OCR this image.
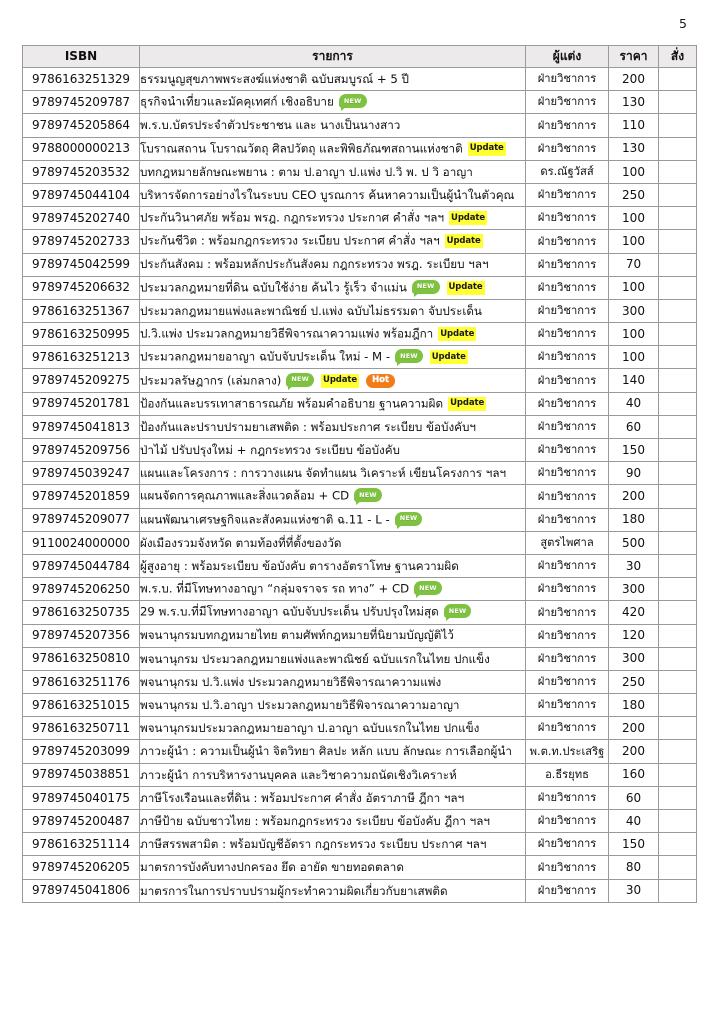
5
ISBN	รายการ	ผู้แต่ง	ราคา	สั่ง
9786163251329	ธรรมนูญสุขภาพพระสงฆ์แห่งชาติ ฉบับสมบูรณ์ + 5 ปี	ฝ่ายวิชาการ	200	
9789745209787	ธุรกิจนำเที่ยวและมัคคุเทศก์ เชิงอธิบาย NEW	ฝ่ายวิชาการ	130	
9789745205864	พ.ร.บ.บัตรประจำตัวประชาชน และ นางเป็นนางสาว	ฝ่ายวิชาการ	110	
9788000000213	โบราณสถาน โบราณวัตถุ ศิลปวัตถุ และพิพิธภัณฑสถานแห่งชาติ Update	ฝ่ายวิชาการ	130	
9789745203532	บทกฎหมายลักษณะพยาน : ตาม ป.อาญา ป.แพ่ง ป.วิ พ. ป วิ อาญา	ดร.ณัฐวัสส์	100	
9789745044104	บริหารจัดการอย่างไรในระบบ CEO บูรณการ ค้นหาความเป็นผู้นำในตัวคุณ	ฝ่ายวิชาการ	250	
9789745202740	ประกันวินาศภัย พร้อม พรฎ. กฎกระทรวง ประกาศ คำสั่ง ฯลฯ Update	ฝ่ายวิชาการ	100	
9789745202733	ประกันชีวิต : พร้อมกฎกระทรวง ระเบียบ ประกาศ คำสั่ง ฯลฯ Update	ฝ่ายวิชาการ	100	
9789745042599	ประกันสังคม : พร้อมหลักประกันสังคม กฎกระทรวง พรฎ. ระเบียบ ฯลฯ	ฝ่ายวิชาการ	70	
9789745206632	ประมวลกฎหมายที่ดิน ฉบับใช้ง่าย ค้นไว รู้เร็ว จำแม่น NEW Update	ฝ่ายวิชาการ	100	
9786163251367	ประมวลกฎหมายแพ่งและพาณิชย์ ป.แพ่ง ฉบับไม่ธรรมดา จับประเด็น	ฝ่ายวิชาการ	300	
9786163250995	ป.วิ.แพ่ง ประมวลกฎหมายวิธีพิจารณาความแพ่ง พร้อมฎีกา Update	ฝ่ายวิชาการ	100	
9786163251213	ประมวลกฎหมายอาญา ฉบับจับประเด็น ใหม่ - M - NEW Update	ฝ่ายวิชาการ	100	
9789745209275	ประมวลรัษฎากร (เล่มกลาง) NEW Update Hot	ฝ่ายวิชาการ	140	
9789745201781	ป้องกันและบรรเทาสาธารณภัย พร้อมคำอธิบาย ฐานความผิด Update	ฝ่ายวิชาการ	40	
9789745041813	ป้องกันและปราบปรามยาเสพติด : พร้อมประกาศ ระเบียบ ข้อบังคับฯ	ฝ่ายวิชาการ	60	
9789745209756	ป่าไม้ ปรับปรุงใหม่ + กฎกระทรวง ระเบียบ ข้อบังคับ	ฝ่ายวิชาการ	150	
9789745039247	แผนและโครงการ : การวางแผน จัดทำแผน วิเคราะห์ เขียนโครงการ ฯลฯ	ฝ่ายวิชาการ	90	
9789745201859	แผนจัดการคุณภาพและสิ่งแวดล้อม + CD NEW	ฝ่ายวิชาการ	200	
9789745209077	แผนพัฒนาเศรษฐกิจและสังคมแห่งชาติ ฉ.11 - L - NEW	ฝ่ายวิชาการ	180	
9110024000000	ผังเมืองรวมจังหวัด ตามท้องที่ที่ตั้งของวัด	สูตรไพศาล	500	
9789745044784	ผู้สูงอายุ : พร้อมระเบียบ ข้อบังคับ ตารางอัตราโทษ ฐานความผิด	ฝ่ายวิชาการ	30	
9789745206250	พ.ร.บ. ที่มีโทษทางอาญา “กลุ่มจราจร รถ ทาง” + CD NEW	ฝ่ายวิชาการ	300	
9786163250735	29 พ.ร.บ.ที่มีโทษทางอาญา ฉบับจับประเด็น ปรับปรุงใหม่สุด NEW	ฝ่ายวิชาการ	420	
9789745207356	พจนานุกรมบทกฎหมายไทย ตามศัพท์กฎหมายที่นิยามบัญญัติไว้	ฝ่ายวิชาการ	120	
9786163250810	พจนานุกรม ประมวลกฎหมายแพ่งและพาณิชย์ ฉบับแรกในไทย ปกแข็ง	ฝ่ายวิชาการ	300	
9786163251176	พจนานุกรม ป.วิ.แพ่ง ประมวลกฎหมายวิธีพิจารณาความแพ่ง	ฝ่ายวิชาการ	250	
9786163251015	พจนานุกรม ป.วิ.อาญา ประมวลกฎหมายวิธีพิจารณาความอาญา	ฝ่ายวิชาการ	180	
9786163250711	พจนานุกรมประมวลกฎหมายอาญา ป.อาญา ฉบับแรกในไทย ปกแข็ง	ฝ่ายวิชาการ	200	
9789745203099	ภาวะผู้นำ : ความเป็นผู้นำ จิตวิทยา ศิลปะ หลัก แบบ ลักษณะ การเลือกผู้นำ	พ.ต.ท.ประเสริฐ	200	
9789745038851	ภาวะผู้นำ การบริหารงานบุคคล และวิชาความถนัดเชิงวิเคราะห์	อ.ธีรยุทธ	160	
9789745040175	ภาษีโรงเรือนและที่ดิน : พร้อมประกาศ คำสั่ง อัตราภาษี ฎีกา ฯลฯ	ฝ่ายวิชาการ	60	
9789745200487	ภาษีป้าย ฉบับชาวไทย : พร้อมกฎกระทรวง ระเบียบ ข้อบังคับ ฎีกา ฯลฯ	ฝ่ายวิชาการ	40	
9786163251114	ภาษีสรรพสามิต : พร้อมบัญชีอัตรา กฎกระทรวง ระเบียบ ประกาศ ฯลฯ	ฝ่ายวิชาการ	150	
9789745206205	มาตรการบังคับทางปกครอง ยึด อายัด ขายทอดตลาด	ฝ่ายวิชาการ	80	
9789745041806	มาตรการในการปราบปรามผู้กระทำความผิดเกี่ยวกับยาเสพติด	ฝ่ายวิชาการ	30	
